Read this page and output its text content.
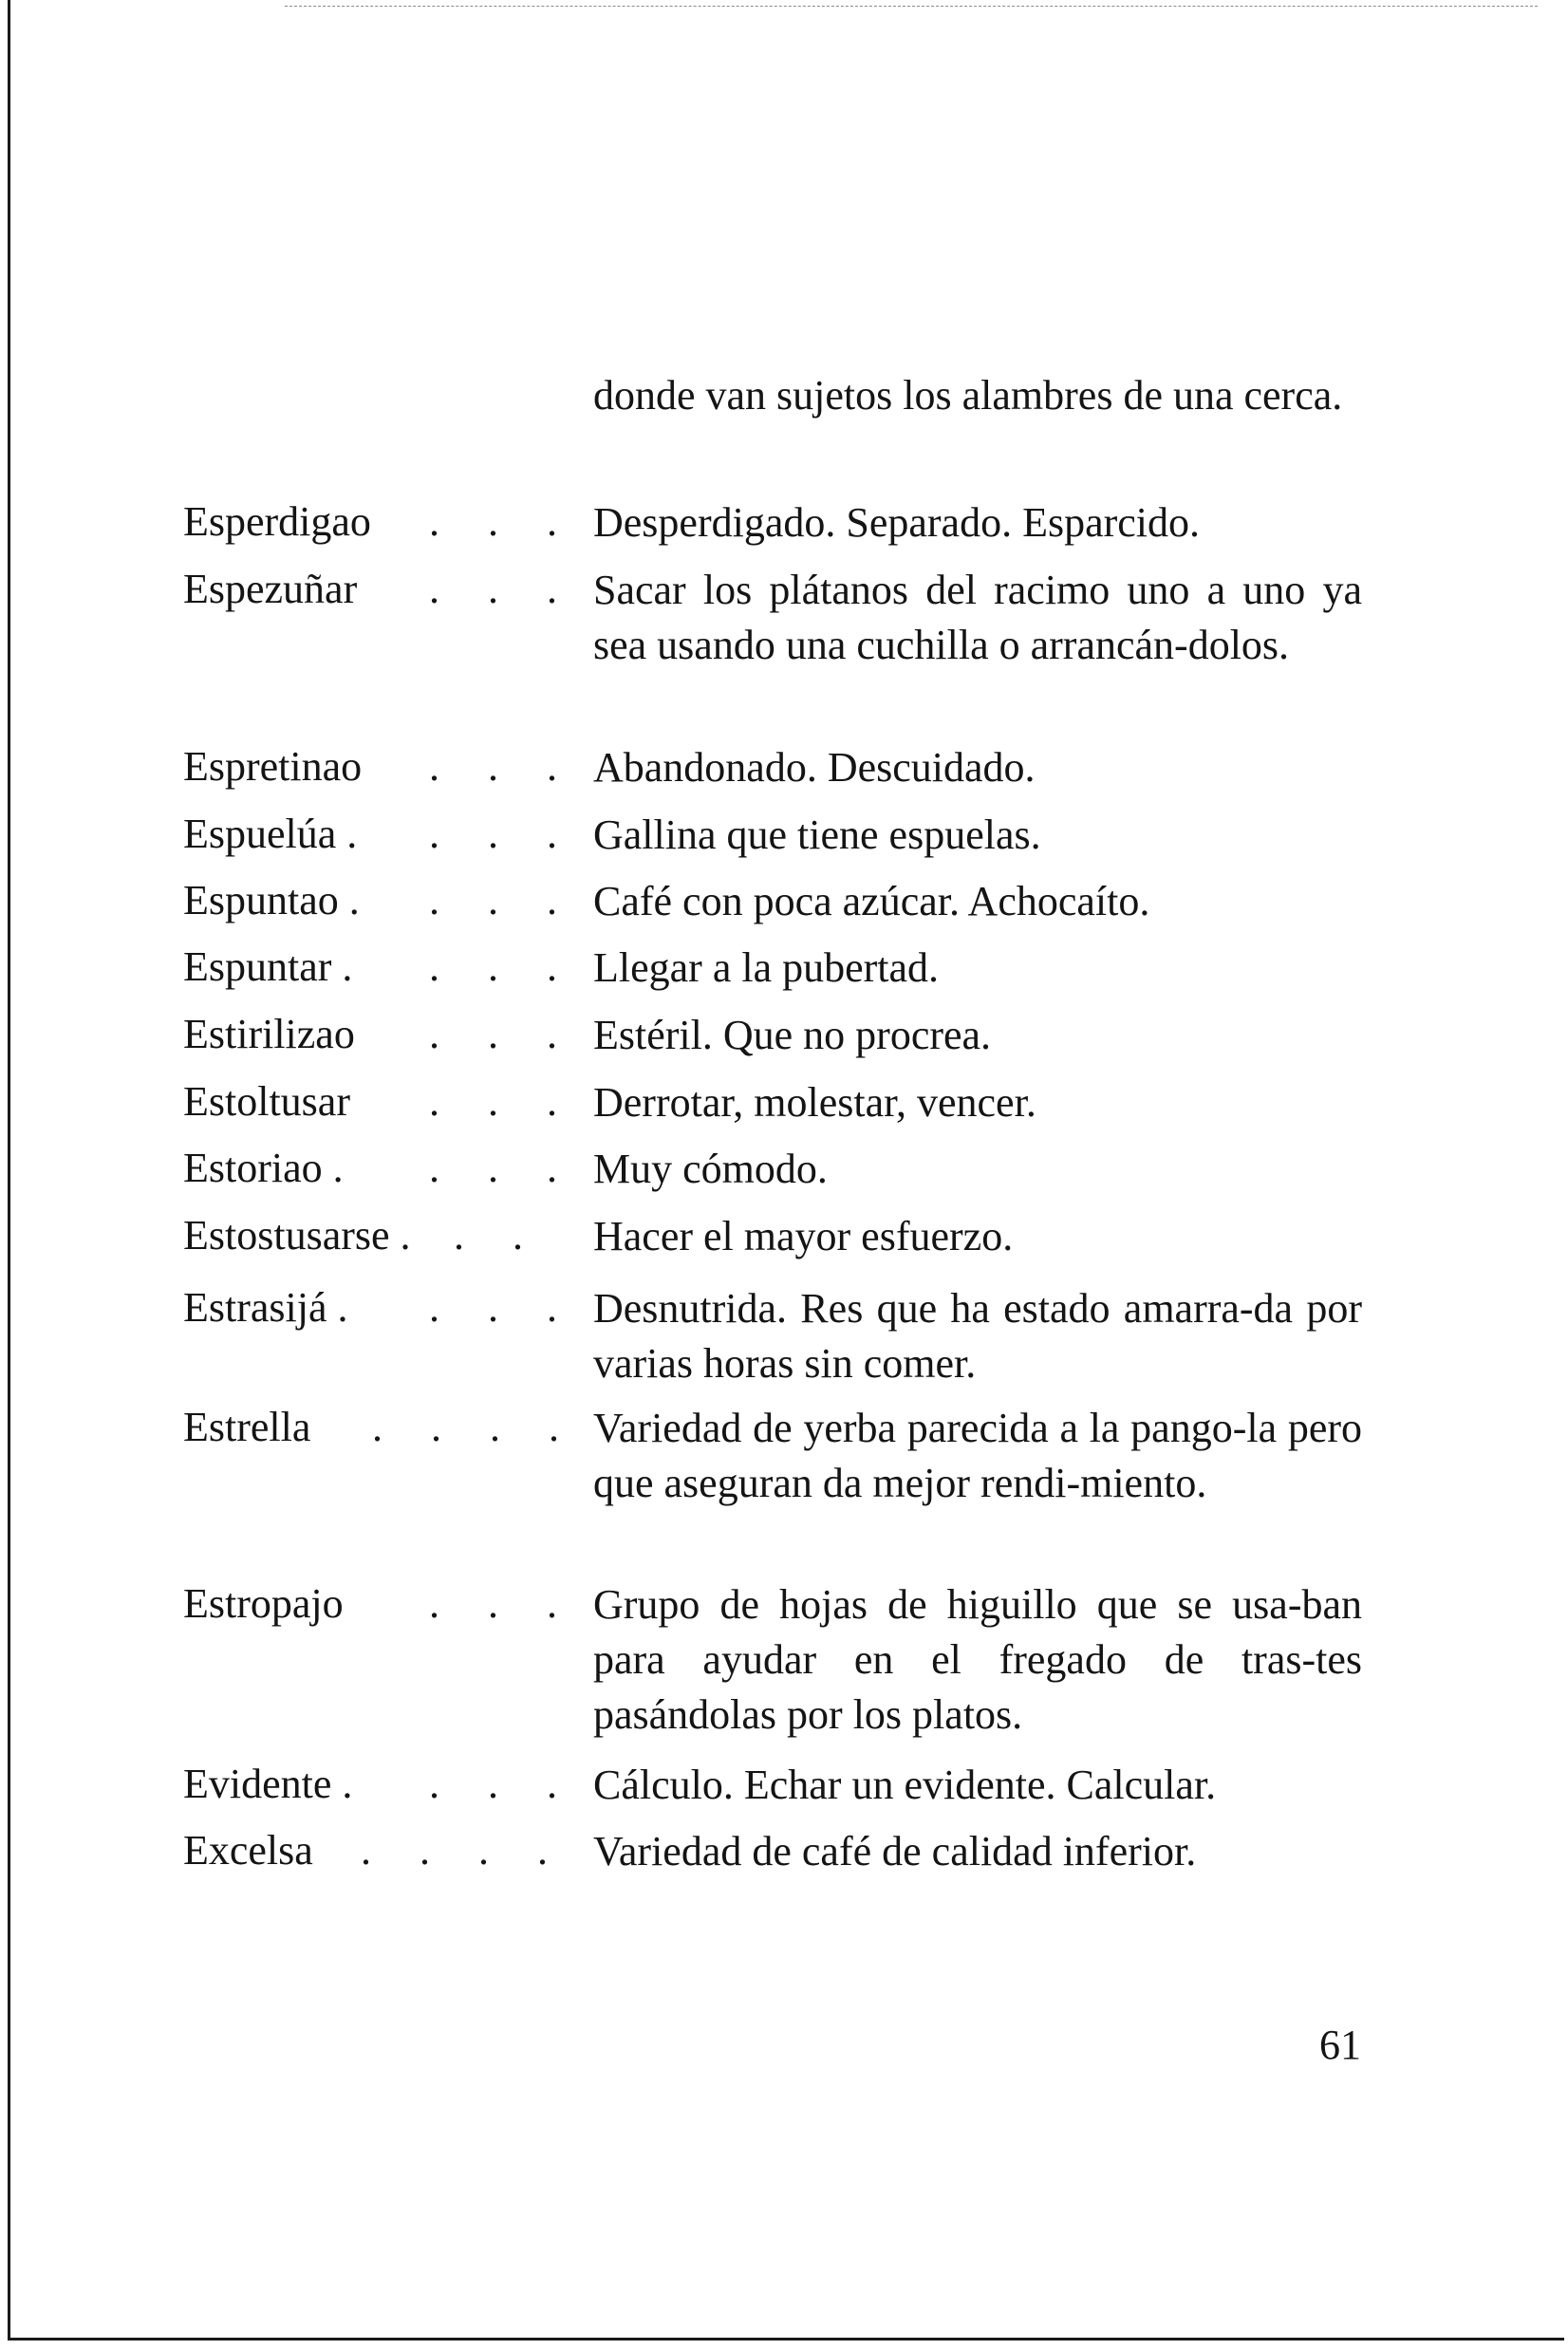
donde van sujetos los alambres de una cerca.
Esperdigao . . . Desperdigado. Separado. Esparcido.
Espezuñar . . . Sacar los plátanos del racimo uno a uno ya sea usando una cuchilla o arrancán-dolos.
Espretinao . . . Abandonado. Descuidado.
Espuelúa . . . . Gallina que tiene espuelas.
Espuntao . . . . Café con poca azúcar. Achocaíto.
Espuntar . . . . Llegar a la pubertad.
Estirilizao . . . Estéril. Que no procrea.
Estoltusar . . . Derrotar, molestar, vencer.
Estoriao . . . . Muy cómodo.
Estostusarse . . .	Hacer el mayor esfuerzo.
Estrasijá . . . . Desnutrida. Res que ha estado amarra-da por varias horas sin comer.
Estrella . . . . Variedad de yerba parecida a la pango-la pero que aseguran da mejor rendi-miento.
Estropajo . . . Grupo de hojas de higuillo que se usa-ban para ayudar en el fregado de tras-tes pasándolas por los platos.
Evidente . . . . Cálculo. Echar un evidente. Calcular.
Excelsa . . . . Variedad de café de calidad inferior.
61
